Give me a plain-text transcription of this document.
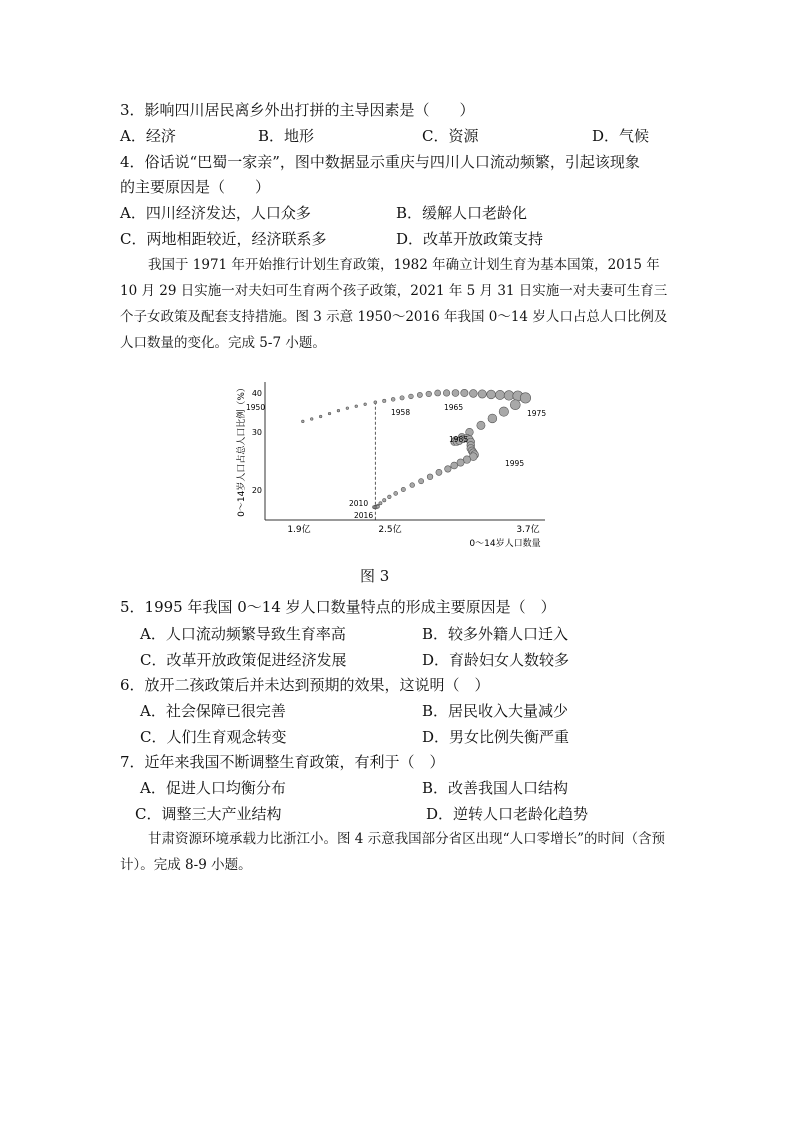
3．影响四川居民离乡外出打拼的主导因素是（　　）
A．经济	B．地形	C．资源	D．气候
4．俗话说“巴蜀一家亲”，图中数据显示重庆与四川人口流动频繁，引起该现象
的主要原因是（　　）
A．四川经济发达，人口众多	B．缓解人口老龄化
C．两地相距较近，经济联系多	D．改革开放政策支持

我国于 1971 年开始推行计划生育政策，1982 年确立计划生育为基本国策，2015 年 10 月 29 日实施一对夫妇可生育两个孩子政策，2021 年 5 月 31 日实施一对夫妻可生育三个子女政策及配套支持措施。图 3 示意 1950～2016 年我国 0～14 岁人口占总人口比例及人口数量的变化。完成 5-7 小题。

40
30
20
0～14岁人口占总人口比例（%）
1.9亿	2.5亿	3.7亿
0～14岁人口数量
1950
1958
1965
1975
1985
1995
2010
2016
图 3
5．1995 年我国 0～14 岁人口数量特点的形成主要原因是（　）
A．人口流动频繁导致生育率高	B．较多外籍人口迁入
C．改革开放政策促进经济发展	D．育龄妇女人数较多
6．放开二孩政策后并未达到预期的效果，这说明（　）
A．社会保障已很完善	B．居民收入大量减少
C．人们生育观念转变	D．男女比例失衡严重
7．近年来我国不断调整生育政策，有利于（　）
A．促进人口均衡分布	B．改善我国人口结构
C．调整三大产业结构	D．逆转人口老龄化趋势

甘肃资源环境承载力比浙江小。图 4 示意我国部分省区出现“人口零增长”的时间（含预计）。完成 8-9 小题。
